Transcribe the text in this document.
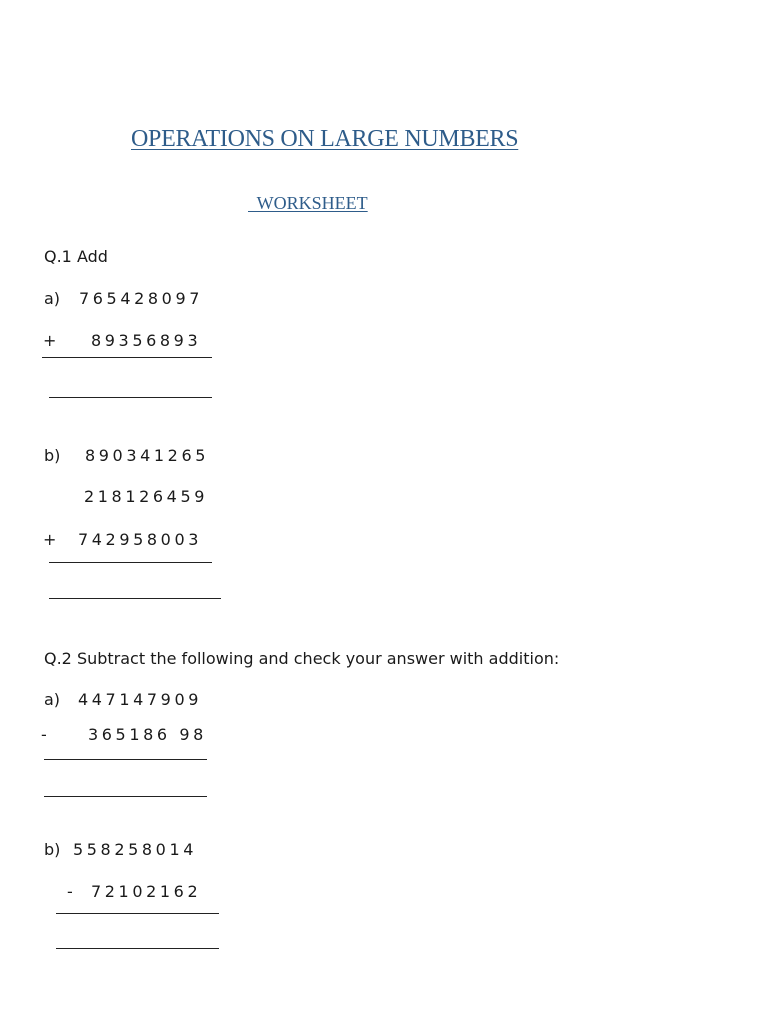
OPERATIONS ON LARGE NUMBERS
WORKSHEET
Q.1 Add
a) 765428097
+ 89356893
b) 890341265
218126459
+ 742958003
Q.2 Subtract the following and check your answer with addition:
a) 447147909
-	365186 98
b) 558258014
- 72102162
